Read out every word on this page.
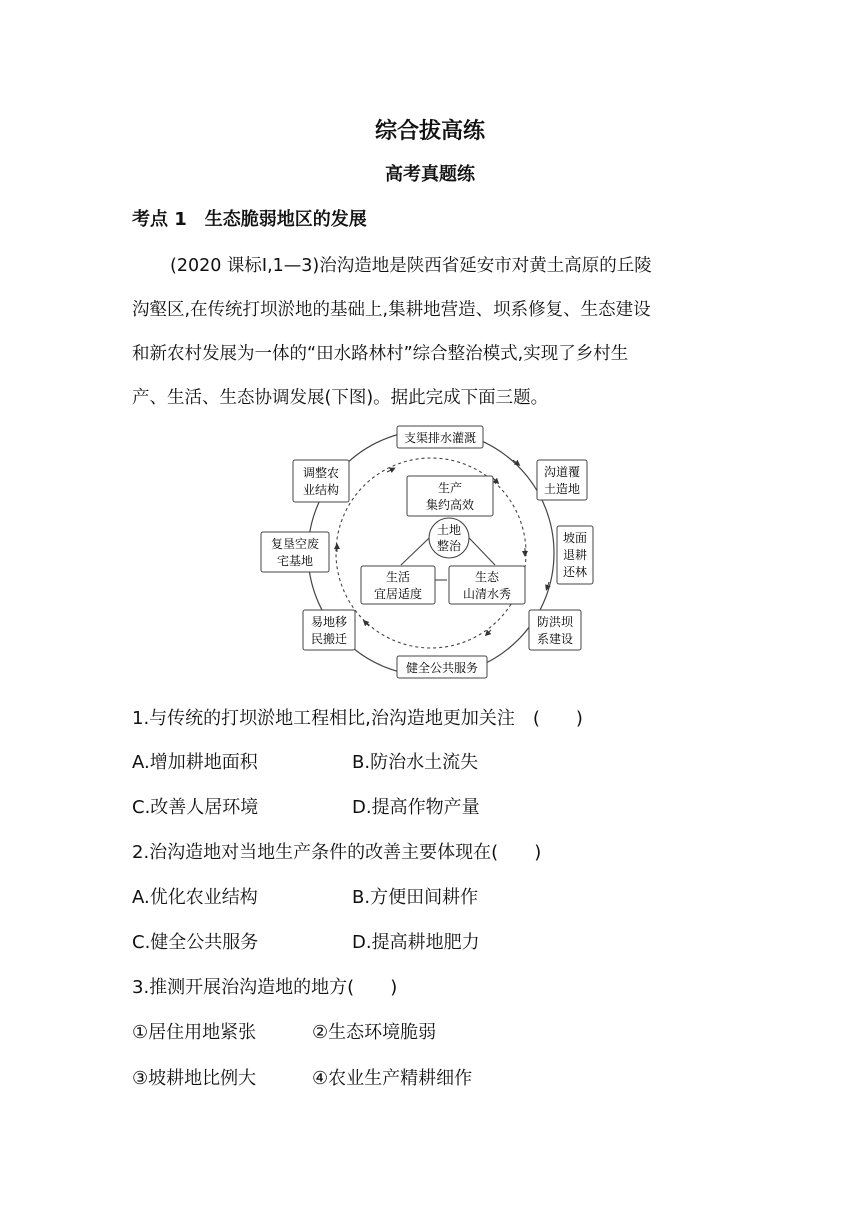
综合拔高练
高考真题练
考点 1　生态脆弱地区的发展

(2020 课标Ⅰ,1—3)治沟造地是陕西省延安市对黄土高原的丘陵

沟壑区,在传统打坝淤地的基础上,集耕地营造、坝系修复、生态建设

和新农村发展为一体的“田水路林村”综合整治模式,实现了乡村生

产、生活、生态协调发展(下图)。据此完成下面三题。

支渠排水灌溉
沟道覆
土造地
坡面
退耕
还林
防洪坝
系建设
健全公共服务
易地移
民搬迁
复垦空废
宅基地
调整农
业结构
土地
整治
生产
集约高效
生活
宜居适度
生态
山清水秀
1.与传统的打坝淤地工程相比,治沟造地更加关注　(　　)
A.增加耕地面积	B.防治水土流失
C.改善人居环境	D.提高作物产量
2.治沟造地对当地生产条件的改善主要体现在(　　)
A.优化农业结构	B.方便田间耕作
C.健全公共服务	D.提高耕地肥力
3.推测开展治沟造地的地方(　　)
①居住用地紧张	②生态环境脆弱
③坡耕地比例大	④农业生产精耕细作
